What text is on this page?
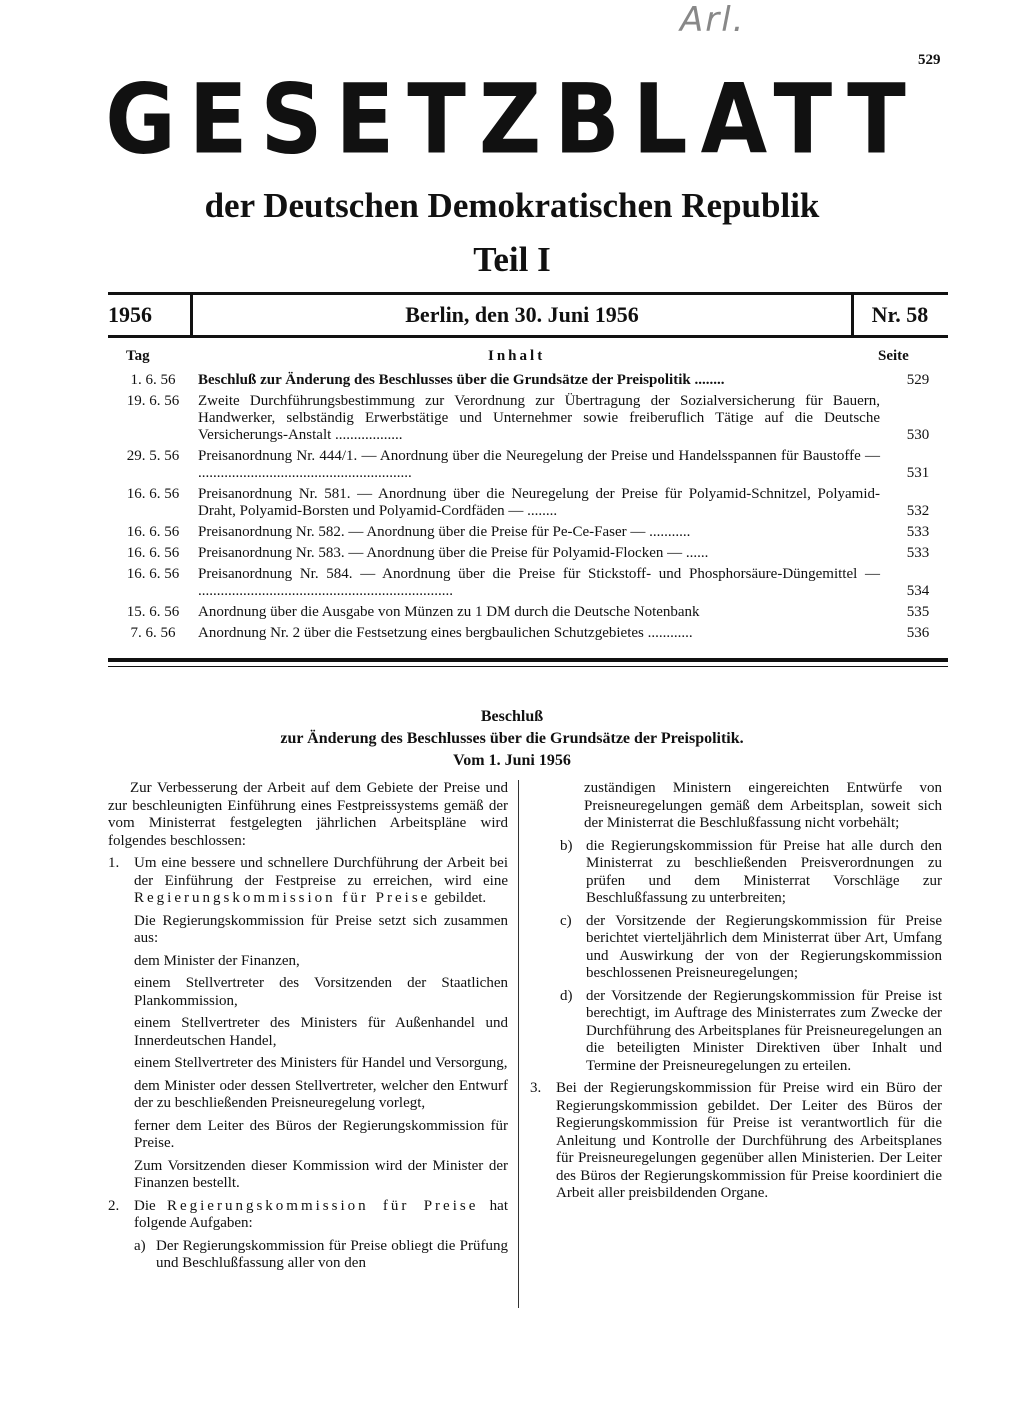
Arl.
529
GESETZBLATT
der Deutschen Demokratischen Republik
Teil I
1956	Berlin, den 30. Juni 1956	Nr. 58
Tag	Inhalt	Seite
1. 6. 56	Beschluß zur Änderung des Beschlusses über die Grundsätze der Preispolitik ........	529
19. 6. 56	Zweite Durchführungsbestimmung zur Verordnung zur Übertragung der Sozialversicherung für Bauern, Handwerker, selbständig Erwerbstätige und Unternehmer sowie freiberuflich Tätige auf die Deutsche Versicherungs-Anstalt ..................	530
29. 5. 56	Preisanordnung Nr. 444/1. — Anordnung über die Neuregelung der Preise und Handelsspannen für Baustoffe — .........................................................	531
16. 6. 56	Preisanordnung Nr. 581. — Anordnung über die Neuregelung der Preise für Polyamid-Schnitzel, Polyamid-Draht, Polyamid-Borsten und Polyamid-Cordfäden — ........	532
16. 6. 56	Preisanordnung Nr. 582. — Anordnung über die Preise für Pe-Ce-Faser — ...........	533
16. 6. 56	Preisanordnung Nr. 583. — Anordnung über die Preise für Polyamid-Flocken — ......	533
16. 6. 56	Preisanordnung Nr. 584. — Anordnung über die Preise für Stickstoff- und Phosphorsäure-Düngemittel — ....................................................................	534
15. 6. 56	Anordnung über die Ausgabe von Münzen zu 1 DM durch die Deutsche Notenbank	535
7. 6. 56	Anordnung Nr. 2 über die Festsetzung eines bergbaulichen Schutzgebietes ............	536
Beschluß
zur Änderung des Beschlusses über die Grundsätze der Preispolitik.
Vom 1. Juni 1956

Zur Verbesserung der Arbeit auf dem Gebiete der Preise und zur beschleunigten Einführung eines Festpreissystems gemäß der vom Ministerrat festgelegten jährlichen Arbeitspläne wird folgendes beschlossen:

1. Um eine bessere und schnellere Durchführung der Arbeit bei der Einführung der Festpreise zu erreichen, wird eine Regierungskommission für Preise gebildet.

Die Regierungskommission für Preise setzt sich zusammen aus:

dem Minister der Finanzen,

einem Stellvertreter des Vorsitzenden der Staatlichen Plankommission,

einem Stellvertreter des Ministers für Außenhandel und Innerdeutschen Handel,

einem Stellvertreter des Ministers für Handel und Versorgung,

dem Minister oder dessen Stellvertreter, welcher den Entwurf der zu beschließenden Preisneuregelung vorlegt,

ferner dem Leiter des Büros der Regierungskommission für Preise.

Zum Vorsitzenden dieser Kommission wird der Minister der Finanzen bestellt.

2. Die Regierungskommission für Preise hat folgende Aufgaben:
a) Der Regierungskommission für Preise obliegt die Prüfung und Beschlußfassung aller von den

zuständigen Ministern eingereichten Entwürfe von Preisneuregelungen gemäß dem Arbeitsplan, soweit sich der Ministerrat die Beschlußfassung nicht vorbehält;

b) die Regierungskommission für Preise hat alle durch den Ministerrat zu beschließenden Preisverordnungen zu prüfen und dem Ministerrat Vorschläge zur Beschlußfassung zu unterbreiten;
c) der Vorsitzende der Regierungskommission für Preise berichtet vierteljährlich dem Ministerrat über Art, Umfang und Auswirkung der von der Regierungskommission beschlossenen Preisneuregelungen;
d) der Vorsitzende der Regierungskommission für Preise ist berechtigt, im Auftrage des Ministerrates zum Zwecke der Durchführung des Arbeitsplanes für Preisneuregelungen an die beteiligten Minister Direktiven über Inhalt und Termine der Preisneuregelungen zu erteilen.
3. Bei der Regierungskommission für Preise wird ein Büro der Regierungskommission gebildet. Der Leiter des Büros der Regierungskommission für Preise ist verantwortlich für die Anleitung und Kontrolle der Durchführung des Arbeitsplanes für Preisneuregelungen gegenüber allen Ministerien. Der Leiter des Büros der Regierungskommission für Preise koordiniert die Arbeit aller preisbildenden Organe.
